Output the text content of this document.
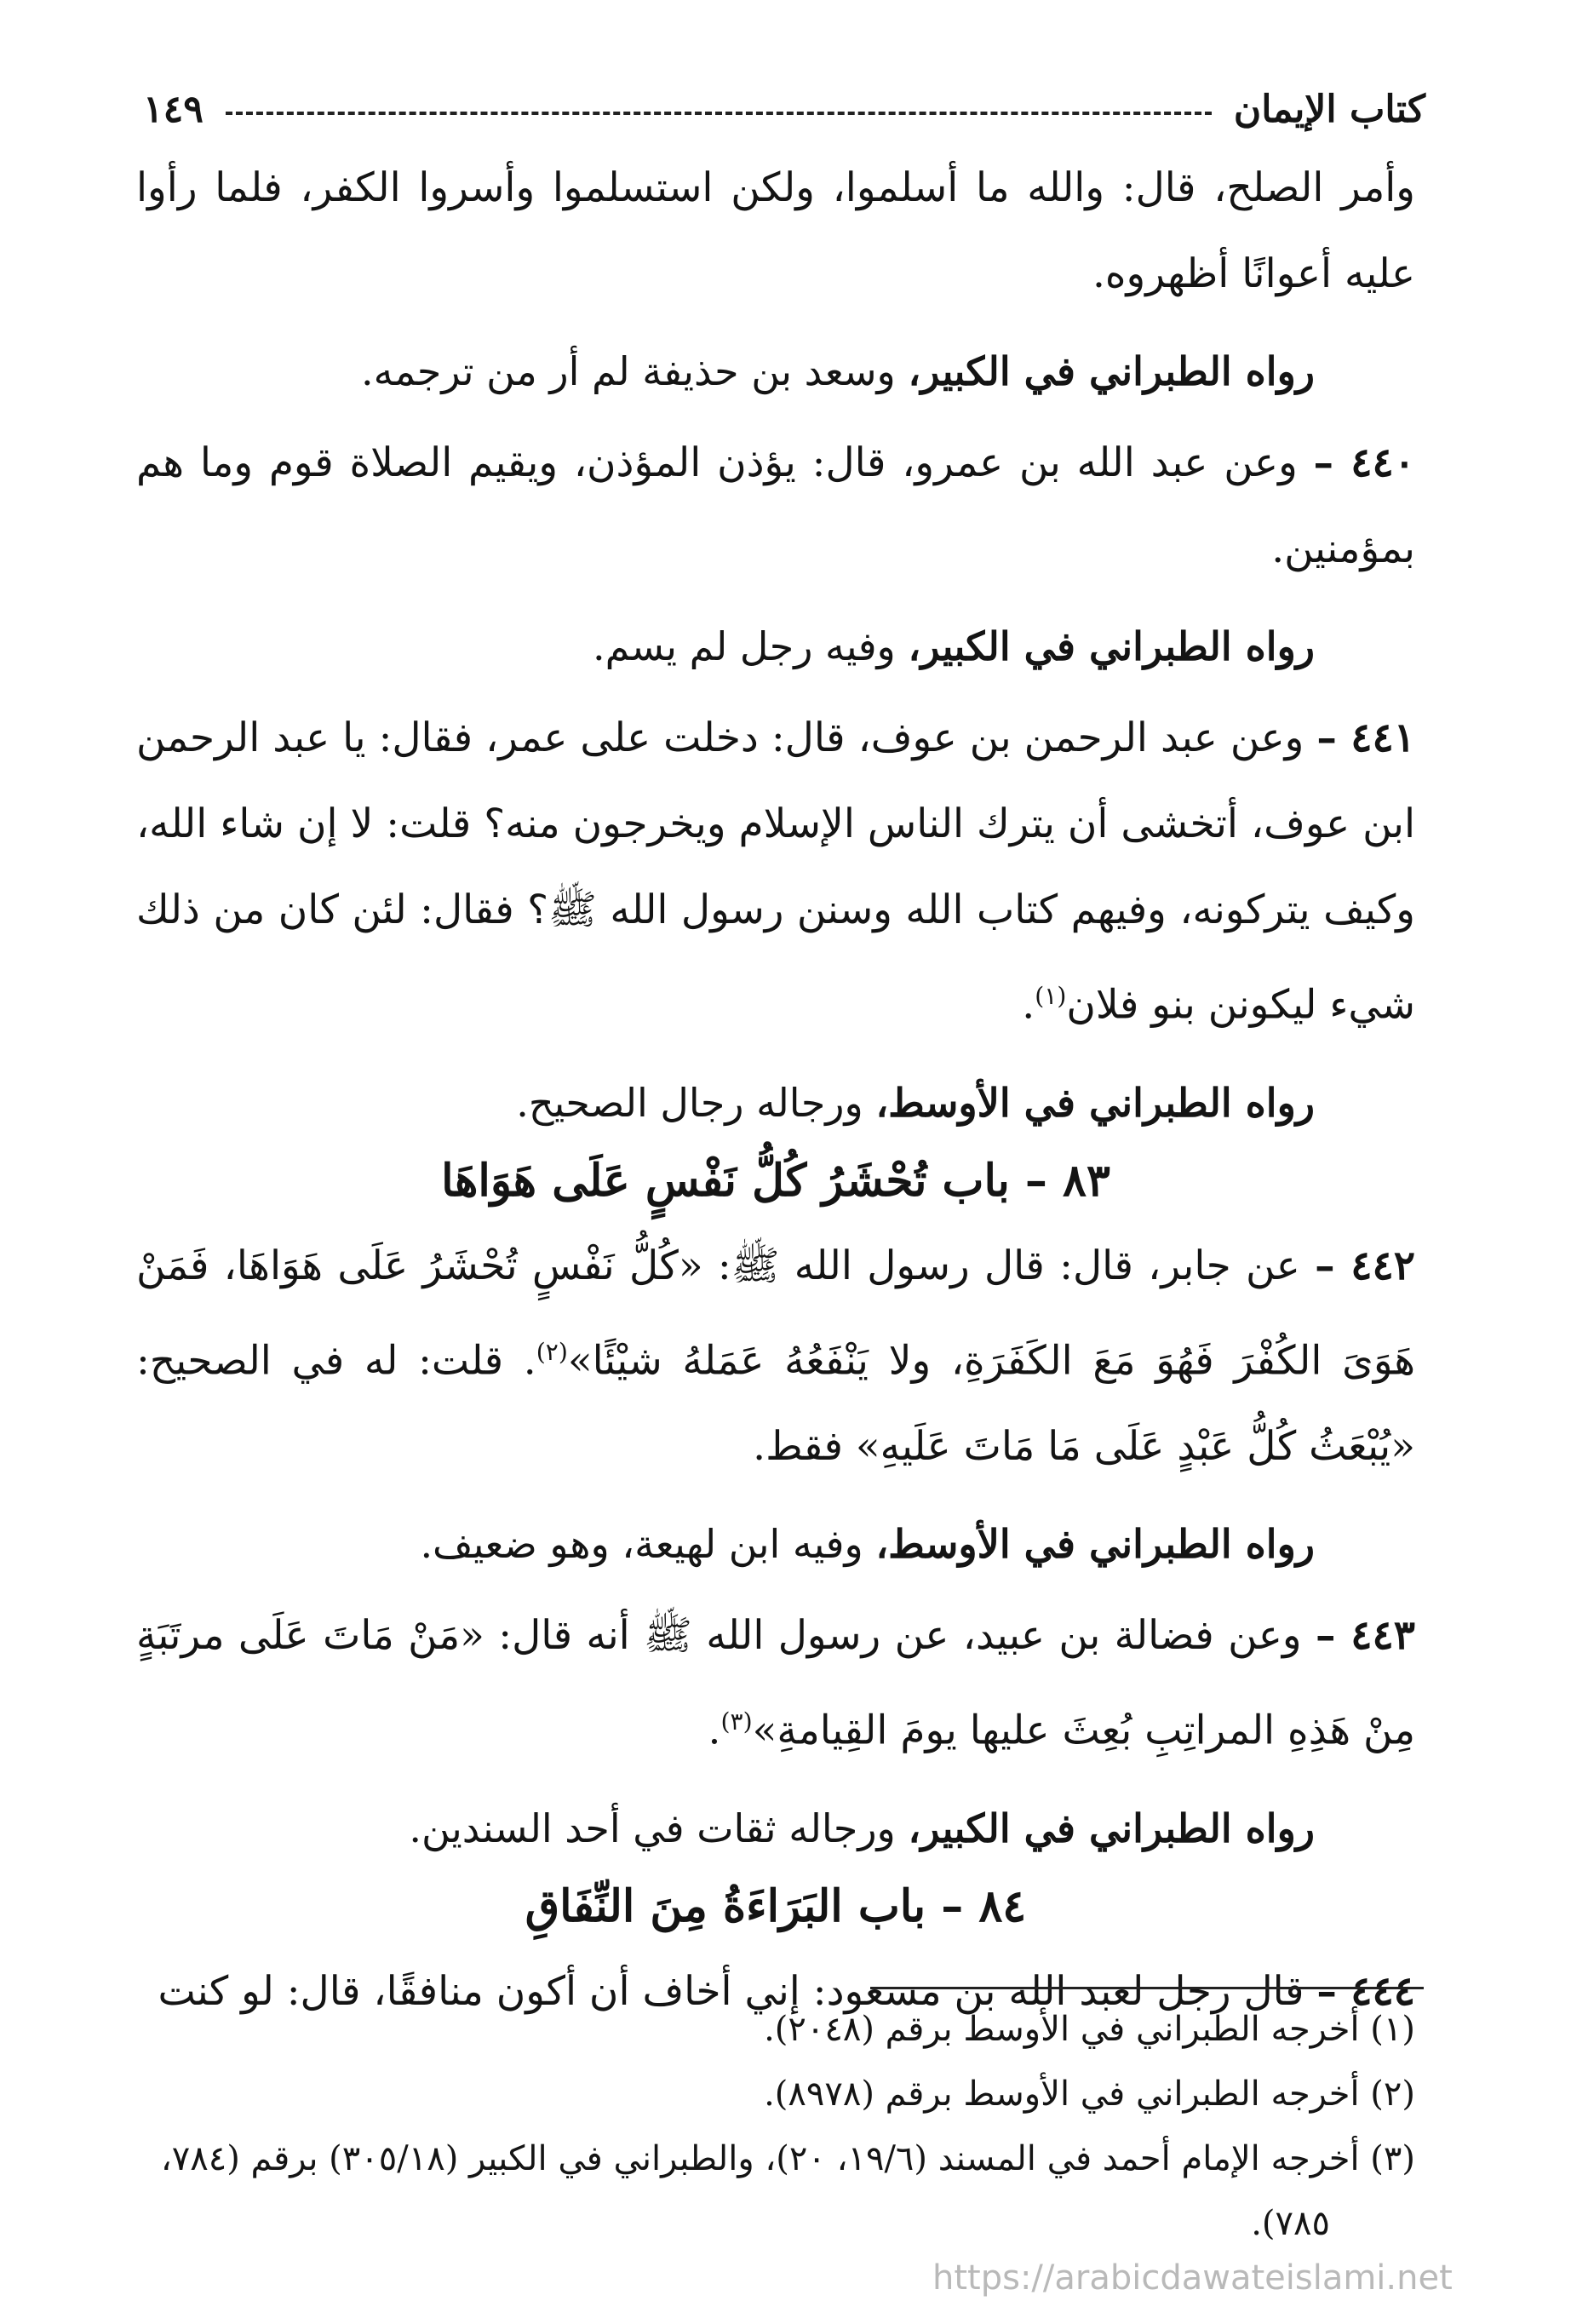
كتاب الإيمان
١٤٩

وأمر الصلح، قال: والله ما أسلموا، ولكن استسلموا وأسروا الكفر، فلما رأوا عليه أعوانًا أظهروه.

رواه الطبراني في الكبير، وسعد بن حذيفة لم أر من ترجمه.

٤٤٠ – وعن عبد الله بن عمرو، قال: يؤذن المؤذن، ويقيم الصلاة قوم وما هم بمؤمنين.

رواه الطبراني في الكبير، وفيه رجل لم يسم.

٤٤١ – وعن عبد الرحمن بن عوف، قال: دخلت على عمر، فقال: يا عبد الرحمن ابن عوف، أتخشى أن يترك الناس الإسلام ويخرجون منه؟ قلت: لا إن شاء الله، وكيف يتركونه، وفيهم كتاب الله وسنن رسول الله ﷺ؟ فقال: لئن كان من ذلك شيء ليكونن بنو فلان$^{(١)}$.

رواه الطبراني في الأوسط، ورجاله رجال الصحيح.

٨٣ – باب تُحْشَرُ كُلُّ نَفْسٍ عَلَى هَوَاهَا

٤٤٢ – عن جابر، قال: قال رسول الله ﷺ: «كُلُّ نَفْسٍ تُحْشَرُ عَلَى هَوَاهَا، فَمَنْ هَوَىَ الكُفْرَ فَهُوَ مَعَ الكَفَرَةِ، ولا يَنْفَعُهُ عَمَلهُ شيْئًا»$^{(٢)}$. قلت: له في الصحيح: «يُبْعَثُ كُلُّ عَبْدٍ عَلَى مَا مَاتَ عَلَيهِ» فقط.

رواه الطبراني في الأوسط، وفيه ابن لهيعة، وهو ضعيف.

٤٤٣ – وعن فضالة بن عبيد، عن رسول الله ﷺ أنه قال: «مَنْ مَاتَ عَلَى مرتَبَةٍ مِنْ هَذِهِ المراتِبِ بُعِثَ عليها يومَ القِيامةِ»$^{(٣)}$.

رواه الطبراني في الكبير، ورجاله ثقات في أحد السندين.

٨٤ – باب البَرَاءَةُ مِنَ النِّفَاقِ

٤٤٤ – قال رجل لعبد الله بن مسعود: إني أخاف أن أكون منافقًا، قال: لو كنت

(١) أخرجه الطبراني في الأوسط برقم (٢٠٤٨).

(٢) أخرجه الطبراني في الأوسط برقم (٨٩٧٨).

(٣) أخرجه الإمام أحمد في المسند (١٩/٦، ٢٠)، والطبراني في الكبير (٣٠٥/١٨) برقم (٧٨٤،

٧٨٥).

https://arabicdawateislami.net
